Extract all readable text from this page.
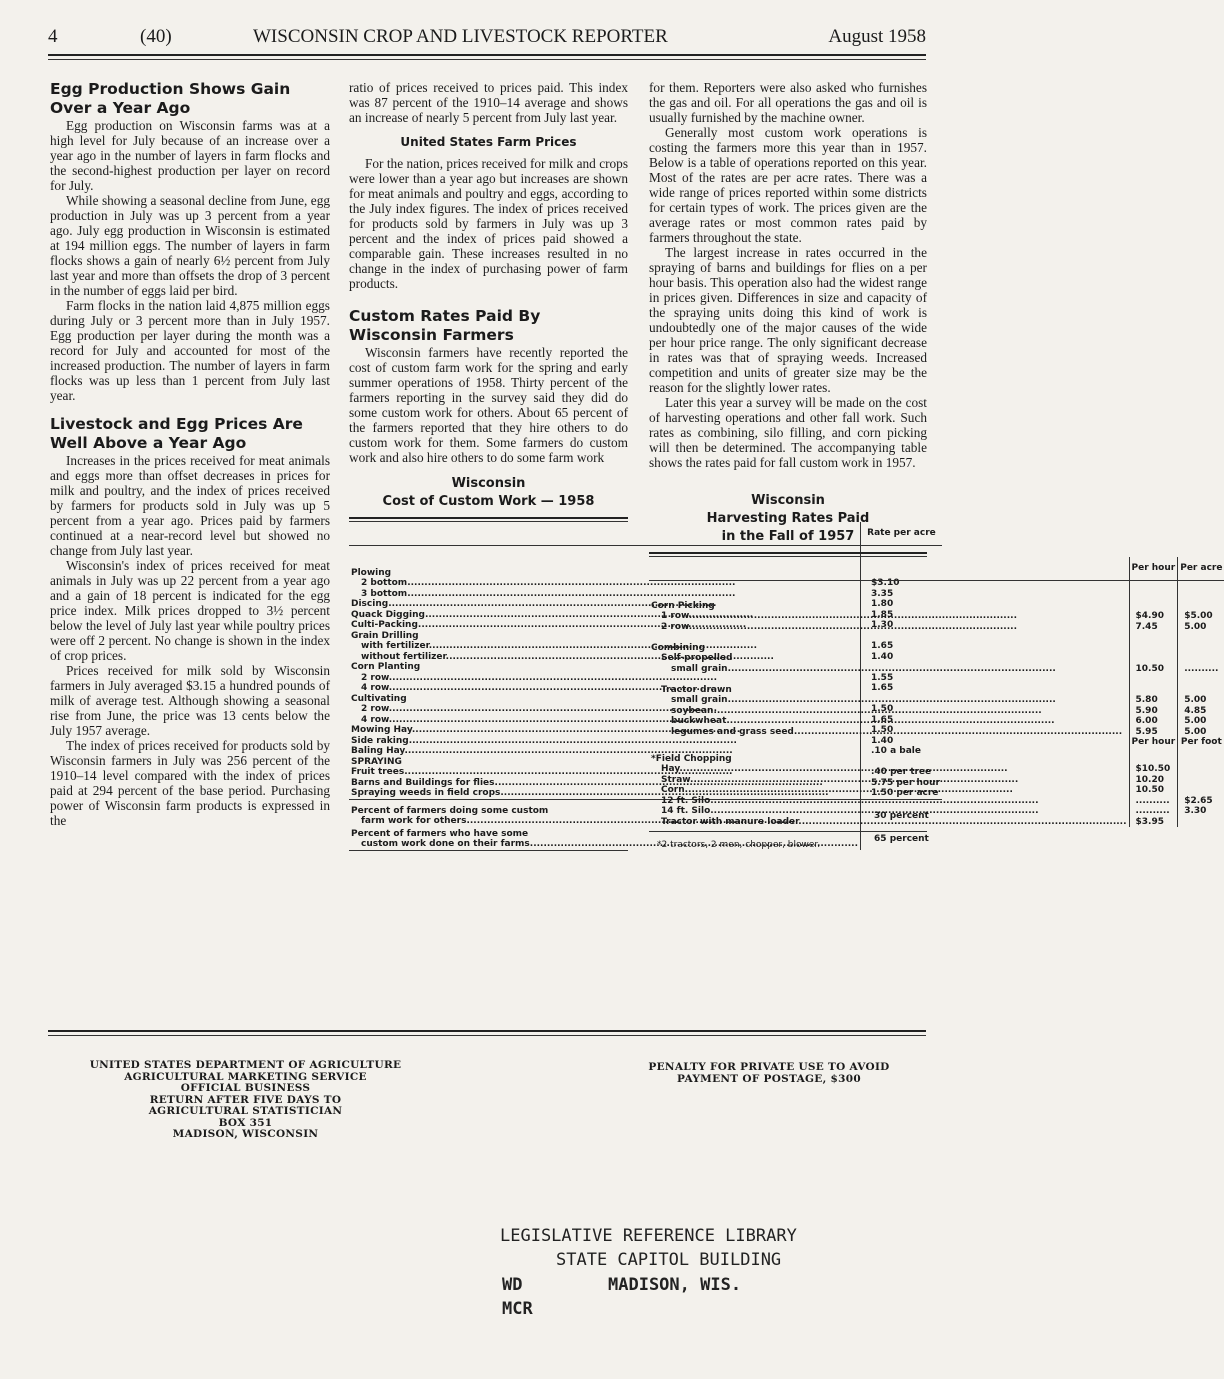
4	(40)	WISCONSIN CROP AND LIVESTOCK REPORTER	August 1958

Egg Production Shows Gain Over a Year Ago

Egg production on Wisconsin farms was at a high level for July because of an increase over a year ago in the number of layers in farm flocks and the second-highest production per layer on record for July.

While showing a seasonal decline from June, egg production in July was up 3 percent from a year ago. July egg production in Wisconsin is estimated at 194 million eggs. The number of layers in farm flocks shows a gain of nearly 6½ percent from July last year and more than offsets the drop of 3 percent in the number of eggs laid per bird.

Farm flocks in the nation laid 4,875 million eggs during July or 3 percent more than in July 1957. Egg production per layer during the month was a record for July and accounted for most of the increased production. The number of layers in farm flocks was up less than 1 percent from July last year.

Livestock and Egg Prices Are Well Above a Year Ago

Increases in the prices received for meat animals and eggs more than offset decreases in prices for milk and poultry, and the index of prices received by farmers for products sold in July was up 5 percent from a year ago. Prices paid by farmers continued at a near-record level but showed no change from July last year.

Wisconsin's index of prices received for meat animals in July was up 22 percent from a year ago and a gain of 18 percent is indicated for the egg price index. Milk prices dropped to 3½ percent below the level of July last year while poultry prices were off 2 percent. No change is shown in the index of crop prices.

Prices received for milk sold by Wisconsin farmers in July averaged $3.15 a hundred pounds of milk of average test. Although showing a seasonal rise from June, the price was 13 cents below the July 1957 average.

The index of prices received for products sold by Wisconsin farmers in July was 256 percent of the 1910–14 level compared with the index of prices paid at 294 percent of the base period. Purchasing power of Wisconsin farm products is expressed in the

ratio of prices received to prices paid. This index was 87 percent of the 1910–14 average and shows an increase of nearly 5 percent from July last year.

United States Farm Prices

For the nation, prices received for milk and crops were lower than a year ago but increases are shown for meat animals and poultry and eggs, according to the July index figures. The index of prices received for products sold by farmers in July was up 3 percent and the index of prices paid showed a comparable gain. These increases resulted in no change in the index of purchasing power of farm products.

Custom Rates Paid By Wisconsin Farmers

Wisconsin farmers have recently reported the cost of custom farm work for the spring and early summer operations of 1958. Thirty percent of the farmers reporting in the survey said they did do some custom work for others. About 65 percent of the farmers reported that they hire others to do custom work for them. Some farmers do custom work and also hire others to do some farm work

Wisconsin
Cost of Custom Work — 1958
	Rate per acre

Plowing	

2 bottom .....	$3.10

3 bottom .....	3.35

Discing .....	1.80

Quack Digging .....	1.85

Culti-Packing .....	1.30

Grain Drilling	

with fertilizer .....	1.65

without fertilizer .....	1.40

Corn Planting	

2 row .....	1.55

4 row .....	1.65

Cultivating	

2 row .....	1.50

4 row .....	1.65

Mowing Hay .....	1.50

Side raking .....	1.40

Baling Hay .....	.10 a bale

SPRAYING	

Fruit trees .....	.40 per tree

Barns and Buildings for flies .....	5.75 per hour

Spraying weeds in field crops .....	1.50 per acre

Percent of farmers doing some custom
farm work for others .....	30 percent

Percent of farmers who have some
custom work done on their farms .....	65 percent

for them. Reporters were also asked who furnishes the gas and oil. For all operations the gas and oil is usually furnished by the machine owner.

Generally most custom work operations is costing the farmers more this year than in 1957. Below is a table of operations reported on this year. Most of the rates are per acre rates. There was a wide range of prices reported within some districts for certain types of work. The prices given are the average rates or most common rates paid by farmers throughout the state.

The largest increase in rates occurred in the spraying of barns and buildings for flies on a per hour basis. This operation also had the widest range in prices given. Differences in size and capacity of the spraying units doing this kind of work is undoubtedly one of the major causes of the wide per hour price range. The only significant decrease in rates was that of spraying weeds. Increased competition and units of greater size may be the reason for the slightly lower rates.

Later this year a survey will be made on the cost of harvesting operations and other fall work. Such rates as combining, silo filling, and corn picking will then be determined. The accompanying table shows the rates paid for fall custom work in 1957.

Wisconsin
Harvesting Rates Paid
in the Fall of 1957
	Per hour	Per acre

Corn Picking		

1 row .....	$4.90	$5.00

2 row .....	7.45	5.00

Combining		

Self-propelled		

small grain .....	10.50	..........

Tractor drawn		

small grain .....	5.80	5.00

soybean .....	5.90	4.85

buckwheat .....	6.00	5.00

legumes and grass seed .....	5.95	5.00

	Per hour	Per foot

*Field Chopping		

Hay .....	$10.50	

Straw .....	10.20	

Corn .....	10.50	

12 ft. Silo .....	..........	$2.65

14 ft. Silo .....	..........	3.30

Tractor with manure loader .....	$3.95	
*2 tractors, 2 men, chopper, blower.
UNITED STATES DEPARTMENT OF AGRICULTURE
AGRICULTURAL MARKETING SERVICE
OFFICIAL BUSINESS
RETURN AFTER FIVE DAYS TO
AGRICULTURAL STATISTICIAN
BOX 351
MADISON, WISCONSIN
PENALTY FOR PRIVATE USE TO AVOID
PAYMENT OF POSTAGE, $300
LEGISLATIVE REFERENCE LIBRARY
STATE CAPITOL BUILDING
WD	MADISON, WIS.
MCR
